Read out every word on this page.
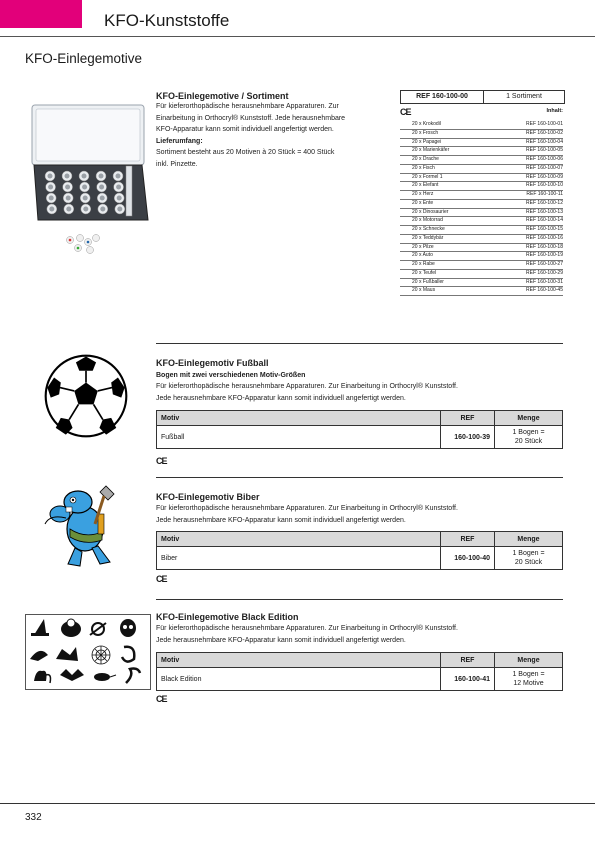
KFO-Kunststoffe
KFO-Einlegemotive
KFO-Einlegemotive / Sortiment
Für kieferorthopädische herausnehmbare Apparaturen. Zur
Einarbeitung in Orthocryl® Kunststoff. Jede herausnehmbare
KFO-Apparatur kann somit individuell angefertigt werden.
Lieferumfang:
Sortiment besteht aus 20 Motiven à 20 Stück = 400 Stück
inkl. Pinzette.
REF 160-100-00	1 Sortiment
Inhalt:
CE
20 x Krokodil	REF 160-100-01
20 x Frosch	REF 160-100-02
20 x Papagei	REF 160-100-04
20 x Marienkäfer	REF 160-100-05
20 x Drache	REF 160-100-06
20 x Fisch	REF 160-100-07
20 x Formel 1	REF 160-100-09
20 x Elefant	REF 160-100-10
20 x Herz	REF 160-100-11
20 x Ente	REF 160-100-12
20 x Dinosaurier	REF 160-100-13
20 x Motorrad	REF 160-100-14
20 x Schnecke	REF 160-100-15
20 x Teddybär	REF 160-100-16
20 x Pilze	REF 160-100-18
20 x Auto	REF 160-100-19
20 x Rabe	REF 160-100-27
20 x Teufel	REF 160-100-29
20 x Fußballer	REF 160-100-31
20 x Maus	REF 160-100-45
KFO-Einlegemotiv Fußball
Bogen mit zwei verschiedenen Motiv-Größen
Für kieferorthopädische herausnehmbare Apparaturen. Zur Einarbeitung in Orthocryl® Kunststoff.
Jede herausnehmbare KFO-Apparatur kann somit individuell angefertigt werden.
Motiv	REF	Menge
Fußball	160-100-39	1 Bogen =
20 Stück
CE
KFO-Einlegemotiv Biber
Für kieferorthopädische herausnehmbare Apparaturen. Zur Einarbeitung in Orthocryl® Kunststoff.
Jede herausnehmbare KFO-Apparatur kann somit individuell angefertigt werden.
Motiv	REF	Menge
Biber	160-100-40	1 Bogen =
20 Stück
CE
KFO-Einlegemotive Black Edition
Für kieferorthopädische herausnehmbare Apparaturen. Zur Einarbeitung in Orthocryl® Kunststoff.
Jede herausnehmbare KFO-Apparatur kann somit individuell angefertigt werden.
Motiv	REF	Menge
Black Edition	160-100-41	1 Bogen =
12 Motive
CE
332
